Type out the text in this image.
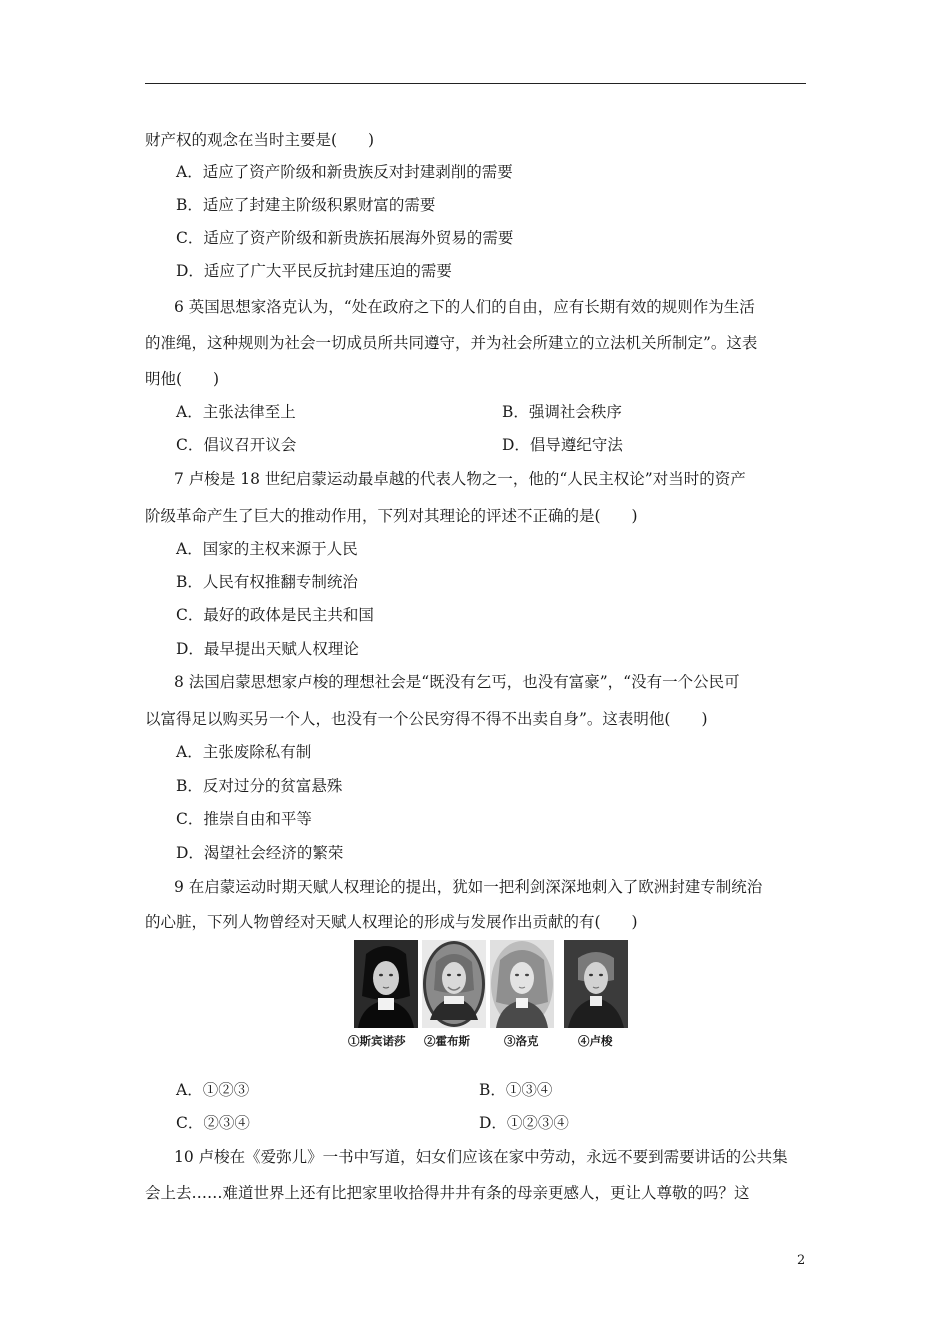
财产权的观念在当时主要是(　　)
A．适应了资产阶级和新贵族反对封建剥削的需要
B．适应了封建主阶级积累财富的需要
C．适应了资产阶级和新贵族拓展海外贸易的需要
D．适应了广大平民反抗封建压迫的需要
6 英国思想家洛克认为，“处在政府之下的人们的自由，应有长期有效的规则作为生活
的准绳，这种规则为社会一切成员所共同遵守，并为社会所建立的立法机关所制定”。这表
明他(　　)
A．主张法律至上	B．强调社会秩序
C．倡议召开议会	D．倡导遵纪守法
7 卢梭是 18 世纪启蒙运动最卓越的代表人物之一，他的“人民主权论”对当时的资产
阶级革命产生了巨大的推动作用，下列对其理论的评述不正确的是(　　)
A．国家的主权来源于人民
B．人民有权推翻专制统治
C．最好的政体是民主共和国
D．最早提出天赋人权理论
8 法国启蒙思想家卢梭的理想社会是“既没有乞丐，也没有富豪”，“没有一个公民可
以富得足以购买另一个人，也没有一个公民穷得不得不出卖自身”。这表明他(　　)
A．主张废除私有制
B．反对过分的贫富悬殊
C．推崇自由和平等
D．渴望社会经济的繁荣
9 在启蒙运动时期天赋人权理论的提出，犹如一把利剑深深地刺入了欧洲封建专制统治
的心脏，下列人物曾经对天赋人权理论的形成与发展作出贡献的有(　　)
①斯宾诺莎 ②霍布斯	③洛克	④卢梭
A．①②③	B．①③④
C．②③④	D．①②③④
10 卢梭在《爱弥儿》一书中写道，妇女们应该在家中劳动，永远不要到需要讲话的公共集
会上去……难道世界上还有比把家里收拾得井井有条的母亲更感人，更让人尊敬的吗？这
2
